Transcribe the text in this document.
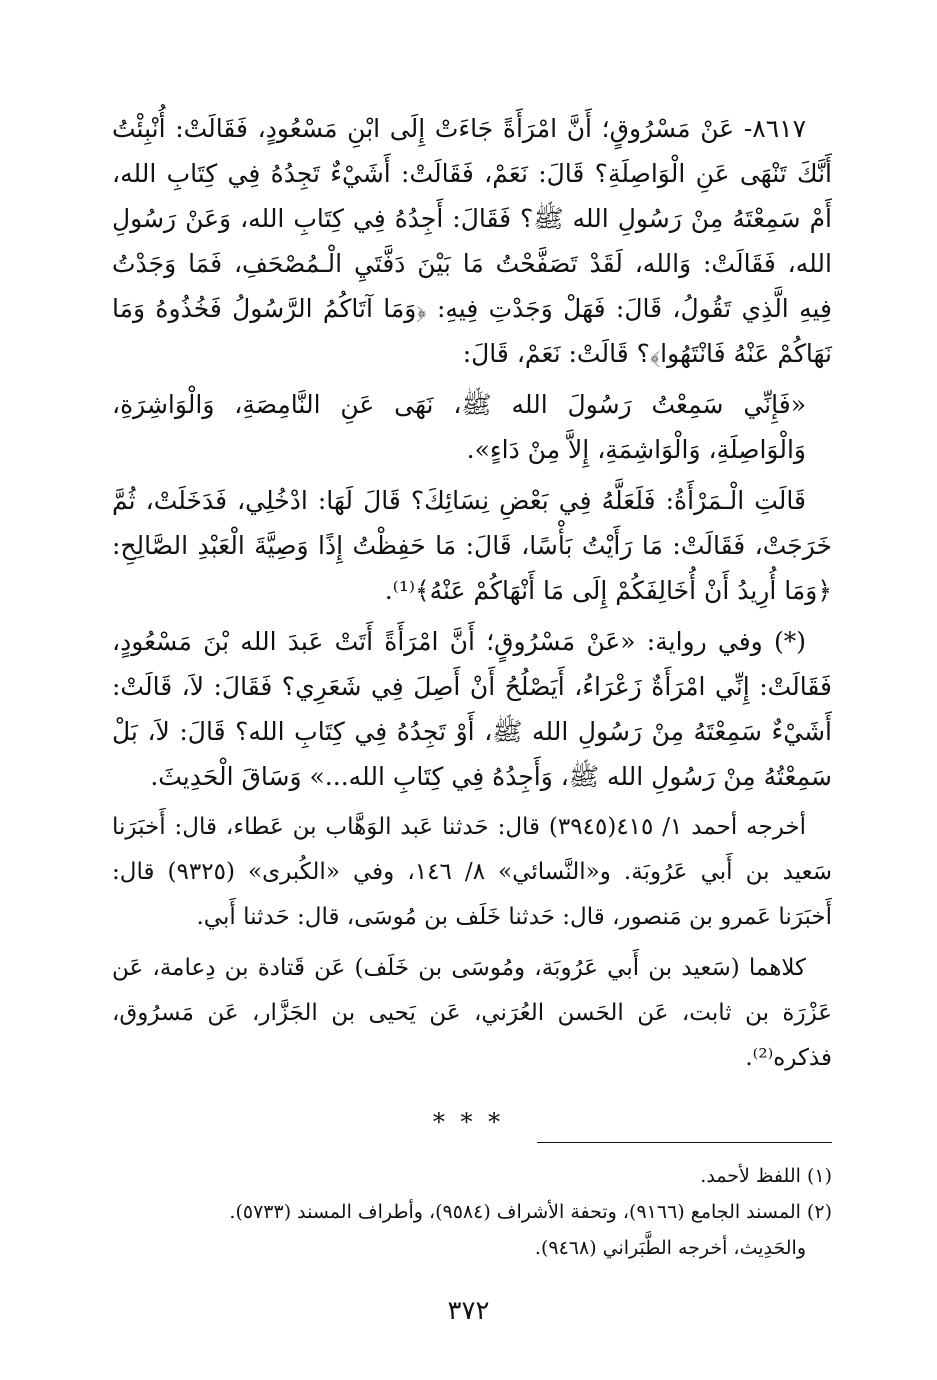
٨٦١٧- عَنْ مَسْرُوقٍ؛ أَنَّ امْرَأَةً جَاءَتْ إِلَى ابْنِ مَسْعُودٍ، فَقَالَتْ: أُنْبِئْتُ أَنَّكَ تَنْهَى عَنِ الْوَاصِلَةِ؟ قَالَ: نَعَمْ، فَقَالَتْ: أَشَيْءٌ تَجِدُهُ فِي كِتَابِ الله، أَمْ سَمِعْتَهُ مِنْ رَسُولِ الله ﷺ؟ فَقَالَ: أَجِدُهُ فِي كِتَابِ الله، وَعَنْ رَسُولِ الله، فَقَالَتْ: وَالله، لَقَدْ تَصَفَّحْتُ مَا بَيْنَ دَفَّتَيِ الْـمُصْحَفِ، فَمَا وَجَدْتُ فِيهِ الَّذِي تَقُولُ، قَالَ: فَهَلْ وَجَدْتِ فِيهِ: ﴿وَمَا آتَاكُمُ الرَّسُولُ فَخُذُوهُ وَمَا نَهَاكُمْ عَنْهُ فَانْتَهُوا﴾؟ قَالَتْ: نَعَمْ، قَالَ:

«فَإِنِّي سَمِعْتُ رَسُولَ الله ﷺ، نَهَى عَنِ النَّامِصَةِ، وَالْوَاشِرَةِ، وَالْوَاصِلَةِ، وَالْوَاشِمَةِ، إِلاَّ مِنْ دَاءٍ».

قَالَتِ الْـمَرْأَةُ: فَلَعَلَّهُ فِي بَعْضِ نِسَائِكَ؟ قَالَ لَهَا: ادْخُلِي، فَدَخَلَتْ، ثُمَّ خَرَجَتْ، فَقَالَتْ: مَا رَأَيْتُ بَأْسًا، قَالَ: مَا حَفِظْتُ إِذًا وَصِيَّةَ الْعَبْدِ الصَّالِحِ: ﴿وَمَا أُرِيدُ أَنْ أُخَالِفَكُمْ إِلَى مَا أَنْهَاكُمْ عَنْهُ﴾⁽¹⁾.

(*) وفي رواية: «عَنْ مَسْرُوقٍ؛ أَنَّ امْرَأَةً أَتَتْ عَبدَ الله بْنَ مَسْعُودٍ، فَقَالَتْ: إِنِّي امْرَأَةٌ زَعْرَاءُ، أَيَصْلُحُ أَنْ أَصِلَ فِي شَعَرِي؟ فَقَالَ: لاَ، قَالَتْ: أَشَيْءٌ سَمِعْتَهُ مِنْ رَسُولِ الله ﷺ، أَوْ تَجِدُهُ فِي كِتَابِ الله؟ قَالَ: لاَ، بَلْ سَمِعْتُهُ مِنْ رَسُولِ الله ﷺ، وَأَجِدُهُ فِي كِتَابِ الله...» وَسَاقَ الْحَدِيثَ.

أخرجه أحمد ١/ ٤١٥(٣٩٤٥) قال: حَدثنا عَبد الوَهَّاب بن عَطاء، قال: أَخبَرَنا سَعيد بن أَبي عَرُوبَة. و«النَّسائي» ٨/ ١٤٦، وفي «الكُبرى» (٩٣٢٥) قال: أَخبَرَنا عَمرو بن مَنصور، قال: حَدثنا خَلَف بن مُوسَى، قال: حَدثنا أَبي.

كلاهما (سَعيد بن أَبي عَرُوبَة، ومُوسَى بن خَلَف) عَن قَتادة بن دِعامة، عَن عَزْرَة بن ثابت، عَن الحَسن العُرَني، عَن يَحيى بن الجَزَّار، عَن مَسرُوق، فذكره⁽²⁾.

* * *

(١) اللفظ لأحمد.

(٢) المسند الجامع (٩١٦٦)، وتحفة الأشراف (٩٥٨٤)، وأطراف المسند (٥٧٣٣).

والحَدِيث، أخرجه الطَّبَراني (٩٤٦٨).

٣٧٢
